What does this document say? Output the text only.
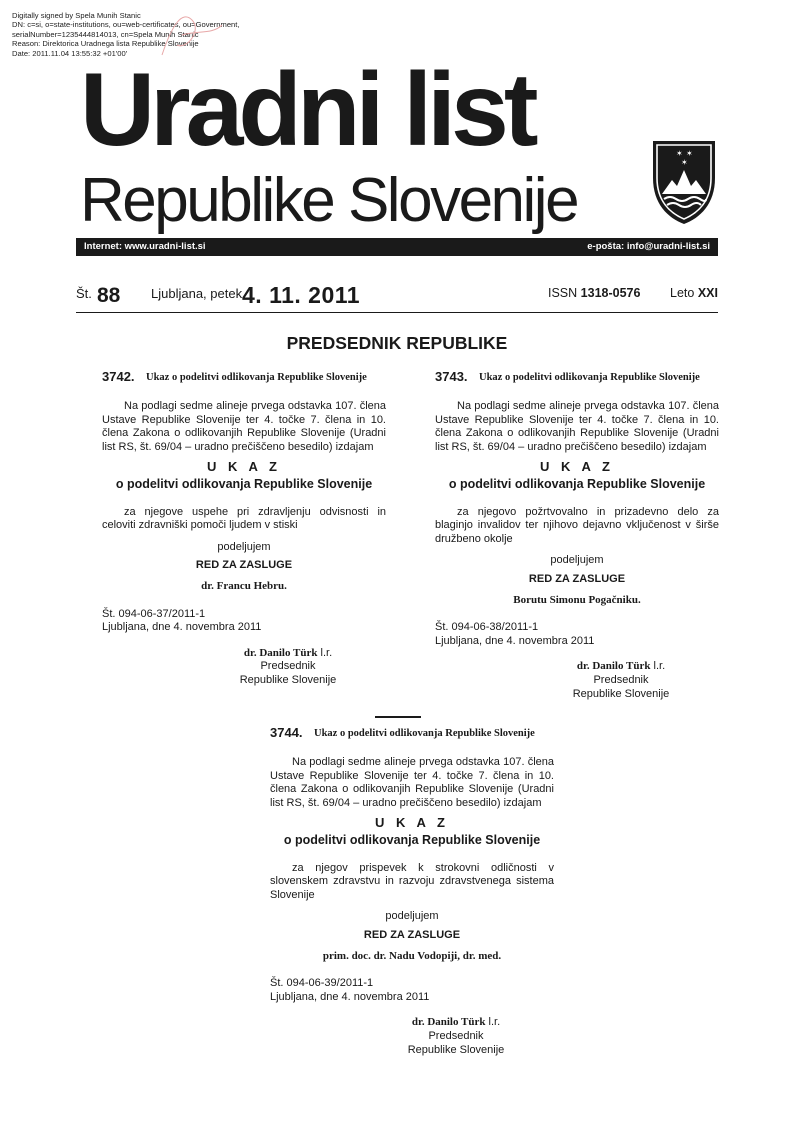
Digitally signed by Spela Munih Stanic
DN: c=si, o=state-institutions, ou=web-certificates, ou=Government,
serialNumber=1235444814013, cn=Spela Munih Stanic
Reason: Direktorica Uradnega lista Republike Slovenije
Date: 2011.11.04 13:55:32 +01'00'
Uradni list
Republike Slovenije
✶ ✶
✶
Internet: www.uradni-list.si	e-pošta: info@uradni-list.si
Št. 88 Ljubljana, petek 4. 11. 2011	ISSN 1318-0576 Leto XXI
PREDSEDNIK REPUBLIKE
3742. Ukaz o podelitvi odlikovanja Republike Slovenije

Na podlagi sedme alineje prvega odstavka 107. člena Ustave Republike Slovenije ter 4. točke 7. člena in 10. člena Zakona o odlikovanjih Republike Slovenije (Uradni list RS, št. 69/04 – uradno prečiščeno besedilo) izdajam

U K A Z

o podelitvi odlikovanja Republike Slovenije

za njegove uspehe pri zdravljenju odvisnosti in celoviti zdravniški pomoči ljudem v stiski

podeljujem

RED ZA ZASLUGE

dr. Francu Hebru.

Št. 094-06-37/2011-1

Ljubljana, dne 4. novembra 2011

dr. Danilo Türk l.r.
Predsednik
Republike Slovenije
3743. Ukaz o podelitvi odlikovanja Republike Slovenije

Na podlagi sedme alineje prvega odstavka 107. člena Ustave Republike Slovenije ter 4. točke 7. člena in 10. člena Zakona o odlikovanjih Republike Slovenije (Uradni list RS, št. 69/04 – uradno prečiščeno besedilo) izdajam

U K A Z

o podelitvi odlikovanja Republike Slovenije

za njegovo požrtvovalno in prizadevno delo za blaginjo invalidov ter njihovo dejavno vključenost v širše družbeno okolje

podeljujem

RED ZA ZASLUGE

Borutu Simonu Pogačniku.

Št. 094-06-38/2011-1

Ljubljana, dne 4. novembra 2011

dr. Danilo Türk l.r.
Predsednik
Republike Slovenije
3744. Ukaz o podelitvi odlikovanja Republike Slovenije

Na podlagi sedme alineje prvega odstavka 107. člena Ustave Republike Slovenije ter 4. točke 7. člena in 10. člena Zakona o odlikovanjih Republike Slovenije (Uradni list RS, št. 69/04 – uradno prečiščeno besedilo) izdajam

U K A Z

o podelitvi odlikovanja Republike Slovenije

za njegov prispevek k strokovni odličnosti v slovenskem zdravstvu in razvoju zdravstvenega sistema Slovenije

podeljujem

RED ZA ZASLUGE

prim. doc. dr. Nadu Vodopiji, dr. med.

Št. 094-06-39/2011-1

Ljubljana, dne 4. novembra 2011

dr. Danilo Türk l.r.
Predsednik
Republike Slovenije
